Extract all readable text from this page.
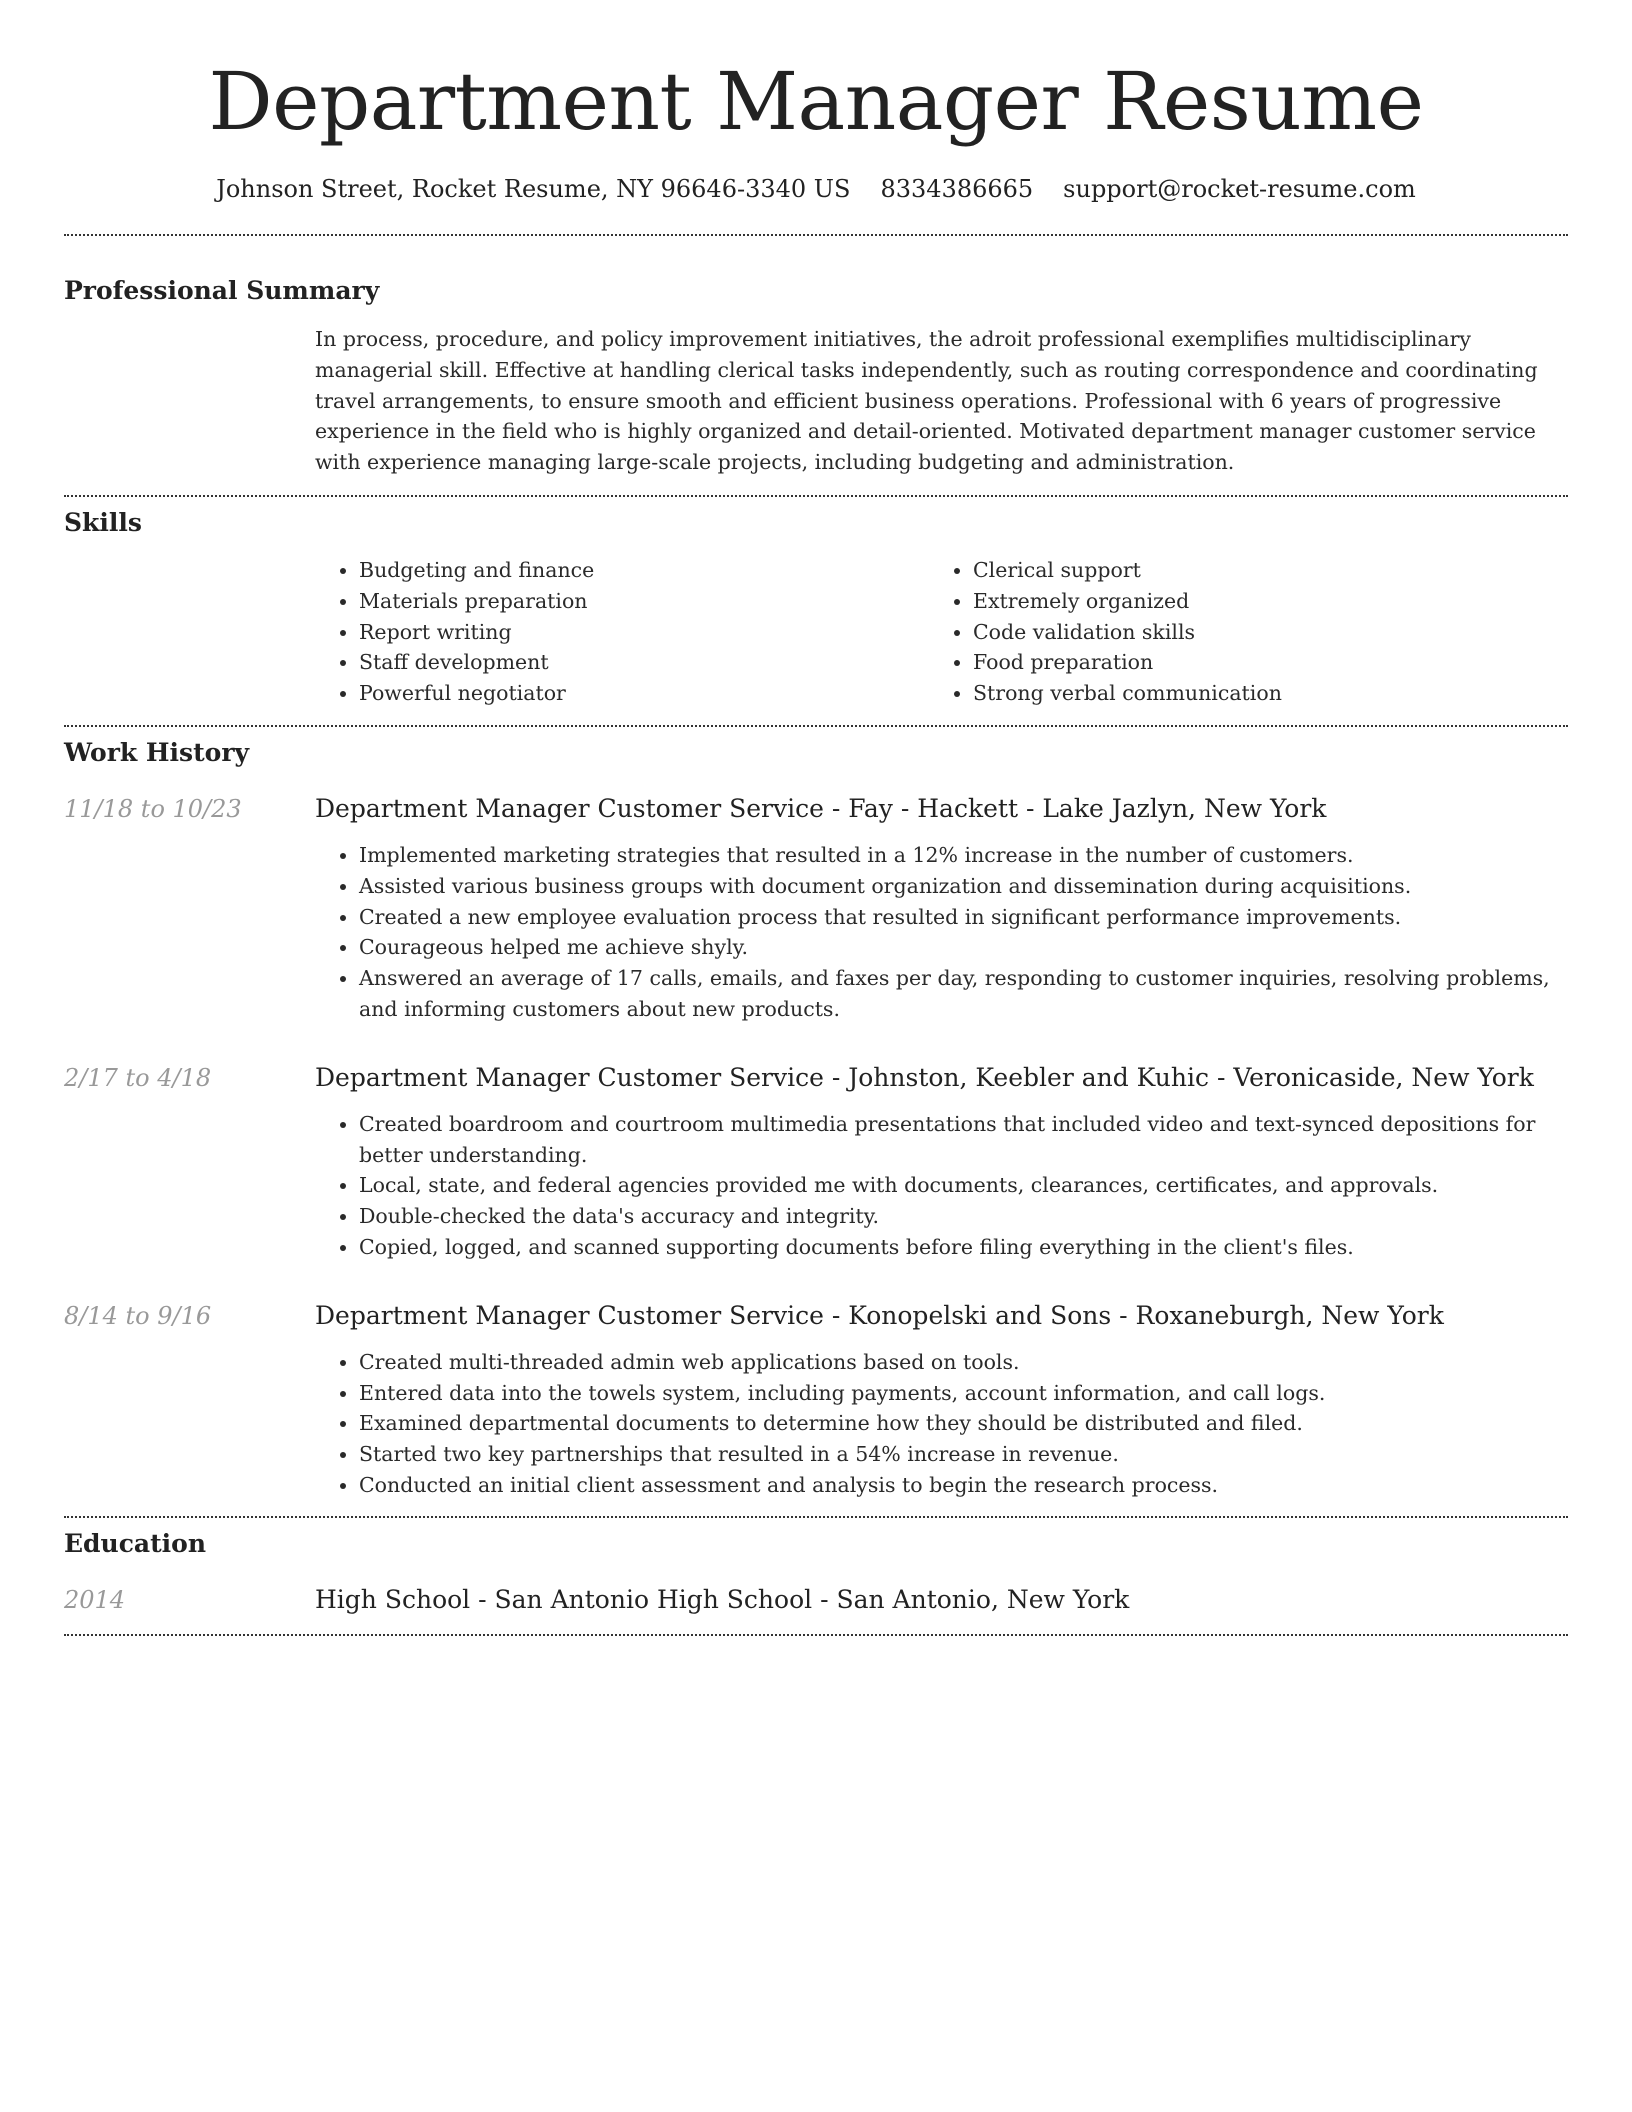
Department Manager Resume
Johnson Street, Rocket Resume, NY 96646-3340 US 8334386665 support@rocket-resume.com
Professional Summary

In process, procedure, and policy improvement initiatives, the adroit professional exemplifies multidisciplinary managerial skill. Effective at handling clerical tasks independently, such as routing correspondence and coordinating travel arrangements, to ensure smooth and efficient business operations. Professional with 6 years of progressive experience in the field who is highly organized and detail-oriented. Motivated department manager customer service with experience managing large-scale projects, including budgeting and administration.

Skills
• Budgeting and finance
• Materials preparation
• Report writing
• Staff development
• Powerful negotiator
• Clerical support
• Extremely organized
• Code validation skills
• Food preparation
• Strong verbal communication
Work History
11/18 to 10/23	Department Manager Customer Service - Fay - Hackett - Lake Jazlyn, New York
• Implemented marketing strategies that resulted in a 12% increase in the number of customers.
• Assisted various business groups with document organization and dissemination during acquisitions.
• Created a new employee evaluation process that resulted in significant performance improvements.
• Courageous helped me achieve shyly.
• Answered an average of 17 calls, emails, and faxes per day, responding to customer inquiries, resolving problems, and informing customers about new products.
2/17 to 4/18	Department Manager Customer Service - Johnston, Keebler and Kuhic - Veronicaside, New York
• Created boardroom and courtroom multimedia presentations that included video and text-synced depositions for better understanding.
• Local, state, and federal agencies provided me with documents, clearances, certificates, and approvals.
• Double-checked the data's accuracy and integrity.
• Copied, logged, and scanned supporting documents before filing everything in the client's files.
8/14 to 9/16	Department Manager Customer Service - Konopelski and Sons - Roxaneburgh, New York
• Created multi-threaded admin web applications based on tools.
• Entered data into the towels system, including payments, account information, and call logs.
• Examined departmental documents to determine how they should be distributed and filed.
• Started two key partnerships that resulted in a 54% increase in revenue.
• Conducted an initial client assessment and analysis to begin the research process.
Education
2014	High School - San Antonio High School - San Antonio, New York
